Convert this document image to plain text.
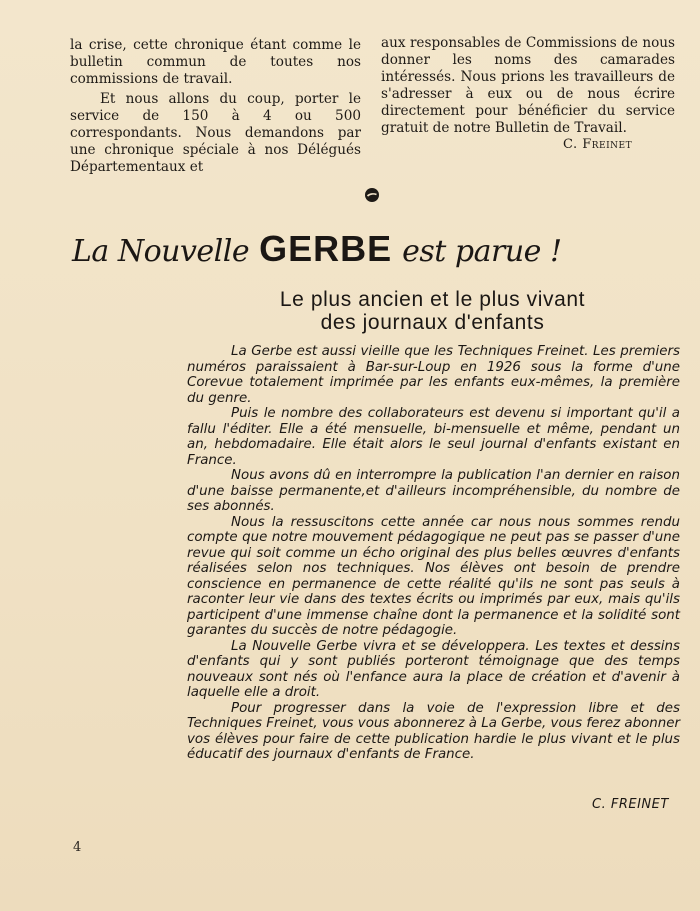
la crise, cette chronique étant comme le bulletin commun de toutes nos commissions de travail.

Et nous allons du coup, porter le service de 150 à 4 ou 500 correspondants. Nous demandons par une chronique spéciale à nos Délégués Départementaux et

aux responsables de Commissions de nous donner les noms des camarades intéressés. Nous prions les travailleurs de s'adresser à eux ou de nous écrire directement pour bénéficier du service gratuit de notre Bulletin de Travail.

C. Freinet
La Nouvelle GERBE est parue !
Le plus ancien et le plus vivant
des journaux d'enfants

La Gerbe est aussi vieille que les Techniques Freinet. Les premiers numéros paraissaient à Bar-sur-Loup en 1926 sous la forme d'une Corevue totalement imprimée par les enfants eux-mêmes, la première du genre.

Puis le nombre des collaborateurs est devenu si important qu'il a fallu l'éditer. Elle a été mensuelle, bi-mensuelle et même, pendant un an, hebdomadaire. Elle était alors le seul journal d'enfants existant en France.

Nous avons dû en interrompre la publication l'an dernier en raison d'une baisse permanente,et d'ailleurs incompréhensible, du nombre de ses abonnés.

Nous la ressuscitons cette année car nous nous sommes rendu compte que notre mouvement pédagogique ne peut pas se passer d'une revue qui soit comme un écho original des plus belles œuvres d'enfants réalisées selon nos techniques. Nos élèves ont besoin de prendre conscience en permanence de cette réalité qu'ils ne sont pas seuls à raconter leur vie dans des textes écrits ou imprimés par eux, mais qu'ils participent d'une immense chaîne dont la permanence et la solidité sont garantes du succès de notre pédagogie.

La Nouvelle Gerbe vivra et se développera. Les textes et dessins d'enfants qui y sont publiés porteront témoignage que des temps nouveaux sont nés où l'enfance aura la place de création et d'avenir à laquelle elle a droit.

Pour progresser dans la voie de l'expression libre et des Techniques Freinet, vous vous abonnerez à La Gerbe, vous ferez abonner vos élèves pour faire de cette publication hardie le plus vivant et le plus éducatif des journaux d'enfants de France.

C. FREINET
4
